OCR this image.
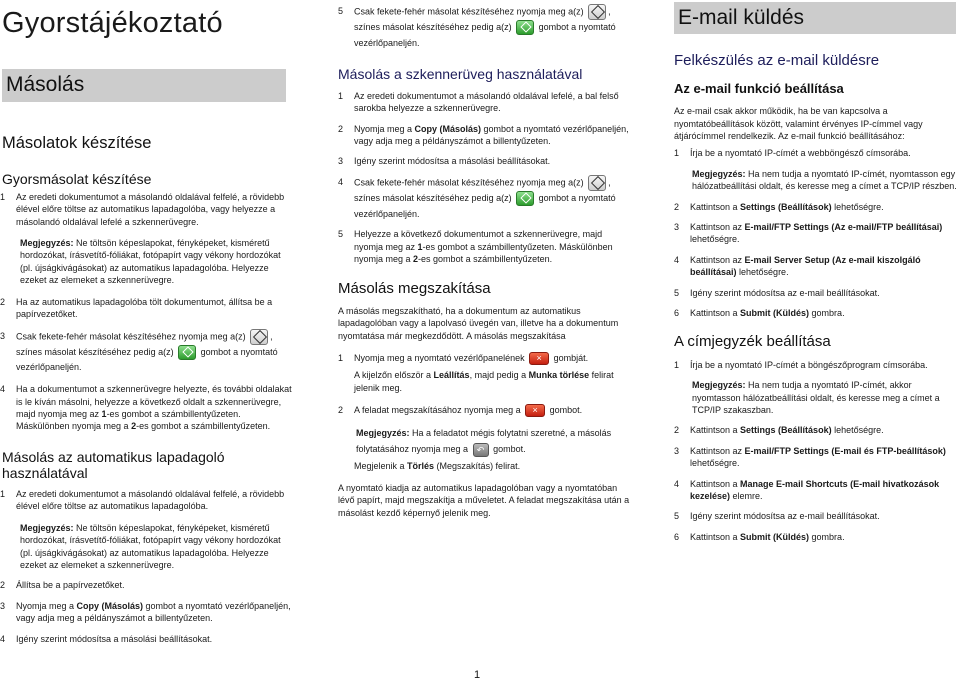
Gyorstájékoztató
Másolás
Másolatok készítése
Gyorsmásolat készítése
1 Az eredeti dokumentumot a másolandó oldalával felfelé, a rövidebb élével előre töltse az automatikus lapadagolóba, vagy helyezze a másolandó oldalával lefelé a szkennerüvegre.
Megjegyzés: Ne töltsön képeslapokat, fényképeket, kisméretű hordozókat, írásvetítő-fóliákat, fotópapírt vagy vékony hordozókat (pl. újságkivágásokat) az automatikus lapadagolóba. Helyezze ezeket az elemeket a szkennerüvegre.
2 Ha az automatikus lapadagolóba tölt dokumentumot, állítsa be a papírvezetőket.
3 Csak fekete-fehér másolat készítéséhez nyomja meg a(z) , színes másolat készítéséhez pedig a(z)  gombot a nyomtató vezérlőpaneljén.
4 Ha a dokumentumot a szkennerüvegre helyezte, és további oldalakat is le kíván másolni, helyezze a következő oldalt a szkennerüvegre, majd nyomja meg az 1-es gombot a számbillentyűzeten. Máskülönben nyomja meg a 2-es gombot a számbillentyűzeten.
Másolás az automatikus lapadagoló használatával
1 Az eredeti dokumentumot a másolandó oldalával felfelé, a rövidebb élével előre töltse az automatikus lapadagolóba.
Megjegyzés: Ne töltsön képeslapokat, fényképeket, kisméretű hordozókat, írásvetítő-fóliákat, fotópapírt vagy vékony hordozókat (pl. újságkivágásokat) az automatikus lapadagolóba. Helyezze ezeket az elemeket a szkennerüvegre.
2 Állítsa be a papírvezetőket.
3 Nyomja meg a Copy (Másolás) gombot a nyomtató vezérlőpaneljén, vagy adja meg a példányszámot a billentyűzeten.
4 Igény szerint módosítsa a másolási beállításokat.
5 Csak fekete-fehér másolat készítéséhez nyomja meg a(z) , színes másolat készítéséhez pedig a(z)  gombot a nyomtató vezérlőpaneljén.
Másolás a szkennerüveg használatával
1 Az eredeti dokumentumot a másolandó oldalával lefelé, a bal felső sarokba helyezze a szkennerüvegre.
2 Nyomja meg a Copy (Másolás) gombot a nyomtató vezérlőpaneljén, vagy adja meg a példányszámot a billentyűzeten.
3 Igény szerint módosítsa a másolási beállításokat.
4 Csak fekete-fehér másolat készítéséhez nyomja meg a(z) , színes másolat készítéséhez pedig a(z)  gombot a nyomtató vezérlőpaneljén.
5 Helyezze a következő dokumentumot a szkennerüvegre, majd nyomja meg az 1-es gombot a számbillentyűzeten. Máskülönben nyomja meg a 2-es gombot a számbillentyűzeten.
Másolás megszakítása

A másolás megszakítható, ha a dokumentum az automatikus lapadagolóban vagy a lapolvasó üvegén van, illetve ha a dokumentum nyomtatása már megkezdődött. A másolás megszakítása

1 Nyomja meg a nyomtató vezérlőpanelének × gombját.
A kijelzőn először a Leállítás, majd pedig a Munka törlése felirat jelenik meg.
2 A feladat megszakításához nyomja meg a × gombot.
Megjegyzés: Ha a feladatot mégis folytatni szeretné, a másolás folytatásához nyomja meg a ↶ gombot.
Megjelenik a Törlés (Megszakítás) felirat.

A nyomtató kiadja az automatikus lapadagolóban vagy a nyomtatóban lévő papírt, majd megszakítja a műveletet. A feladat megszakítása után a másolást kezdő képernyő jelenik meg.

E-mail küldés
Felkészülés az e-mail küldésre
Az e-mail funkció beállítása

Az e-mail csak akkor működik, ha be van kapcsolva a nyomtatóbeállítások között, valamint érvényes IP-címmel vagy átjárócímmel rendelkezik. Az e-mail funkció beállításához:

1 Írja be a nyomtató IP-címét a webböngésző címsorába.
Megjegyzés: Ha nem tudja a nyomtató IP-címét, nyomtasson egy hálózatbeállítási oldalt, és keresse meg a címet a TCP/IP részben.
2 Kattintson a Settings (Beállítások) lehetőségre.
3 Kattintson az E-mail/FTP Settings (Az e-mail/FTP beállításai) lehetőségre.
4 Kattintson az E-mail Server Setup (Az e-mail kiszolgáló beállításai) lehetőségre.
5 Igény szerint módosítsa az e-mail beállításokat.
6 Kattintson a Submit (Küldés) gombra.
A címjegyzék beállítása
1 Írja be a nyomtató IP-címét a böngészőprogram címsorába.
Megjegyzés: Ha nem tudja a nyomtató IP-címét, akkor nyomtasson hálózatbeállítási oldalt, és keresse meg a címet a TCP/IP szakaszban.
2 Kattintson a Settings (Beállítások) lehetőségre.
3 Kattintson az E-mail/FTP Settings (E-mail és FTP-beállítások) lehetőségre.
4 Kattintson a Manage E-mail Shortcuts (E-mail hivatkozások kezelése) elemre.
5 Igény szerint módosítsa az e-mail beállításokat.
6 Kattintson a Submit (Küldés) gombra.
1
